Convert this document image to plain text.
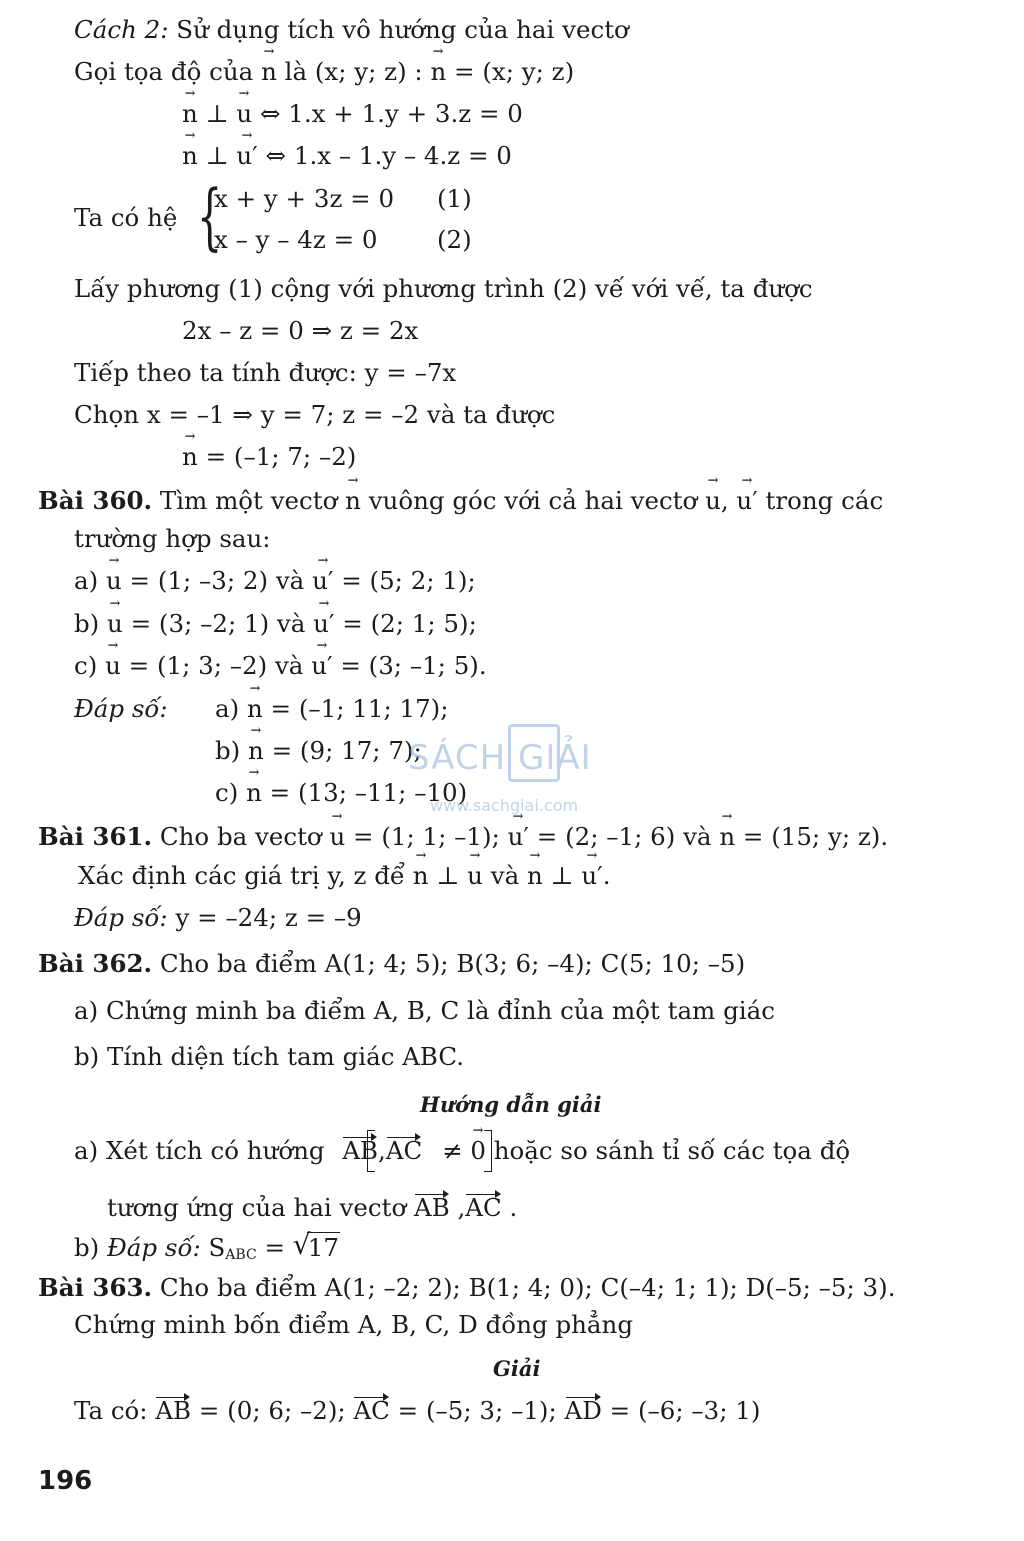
Cách 2: Sử dụng tích vô hướng của hai vectơ
Gọi tọa độ của → n là (x; y; z) : → n = (x; y; z)
→ n ⊥ → u ⇔ 1.x + 1.y + 3.z = 0
→ n ⊥ → u′ ⇔ 1.x – 1.y – 4.z = 0
Ta có hệ {
x + y + 3z = 0 (1)
x – y – 4z = 0 (2)
Lấy phương (1) cộng với phương trình (2) vế với vế, ta được
2x – z = 0 ⇒ z = 2x
Tiếp theo ta tính được: y = –7x
Chọn x = –1 ⇒ y = 7; z = –2 và ta được
→ n = (–1; 7; –2)
Bài 360. Tìm một vectơ → n vuông góc với cả hai vectơ → u, → u′ trong các
trường hợp sau:
a) → u = (1; –3; 2) và → u′ = (5; 2; 1);
b) → u = (3; –2; 1) và → u′ = (2; 1; 5);
c) → u = (1; 3; –2) và → u′ = (3; –1; 5).
Đáp số: a) → n = (–1; 11; 17);
b) → n = (9; 17; 7);
c) → n = (13; –11; –10)
SÁCH GIẢI
www.sachgiai.com
Bài 361. Cho ba vectơ → u = (1; 1; –1); → u′ = (2; –1; 6) và → n = (15; y; z).
Xác định các giá trị y, z để → n ⊥ → u và → n ⊥ → u′.
Đáp số: y = –24; z = –9
Bài 362. Cho ba điểm A(1; 4; 5); B(3; 6; –4); C(5; 10; –5)
a) Chứng minh ba điểm A, B, C là đỉnh của một tam giác
b) Tính diện tích tam giác ABC.
Hướng dẫn giải
a) Xét tích có hướng AB,AC ≠ → 0 hoặc so sánh tỉ số các tọa độ
tương ứng của hai vectơ AB ,AC .
b) Đáp số: $S_{ABC}$ = √ 17
Bài 363. Cho ba điểm A(1; –2; 2); B(1; 4; 0); C(–4; 1; 1); D(–5; –5; 3).
Chứng minh bốn điểm A, B, C, D đồng phẳng
Giải
Ta có: AB = (0; 6; –2); AC = (–5; 3; –1); AD = (–6; –3; 1)
196
